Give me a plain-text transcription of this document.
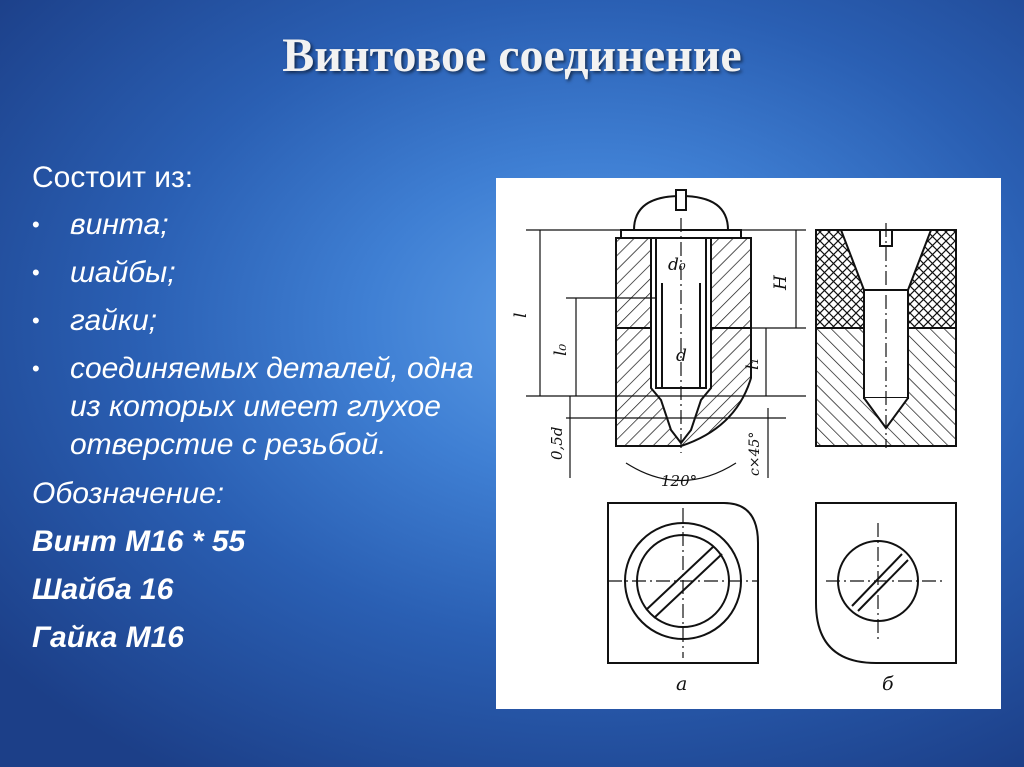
Винтовое соединение
Состоит из:
• винта;
• шайбы;
• гайки;
• соединяемых деталей, одна из которых имеет глухое отверстие с резьбой.
Обозначение:
Винт М16 * 55
Шайба 16
Гайка М16
d₀
d
l
l₀
0,5d
H
l₁
c×45°
120°
а	б
